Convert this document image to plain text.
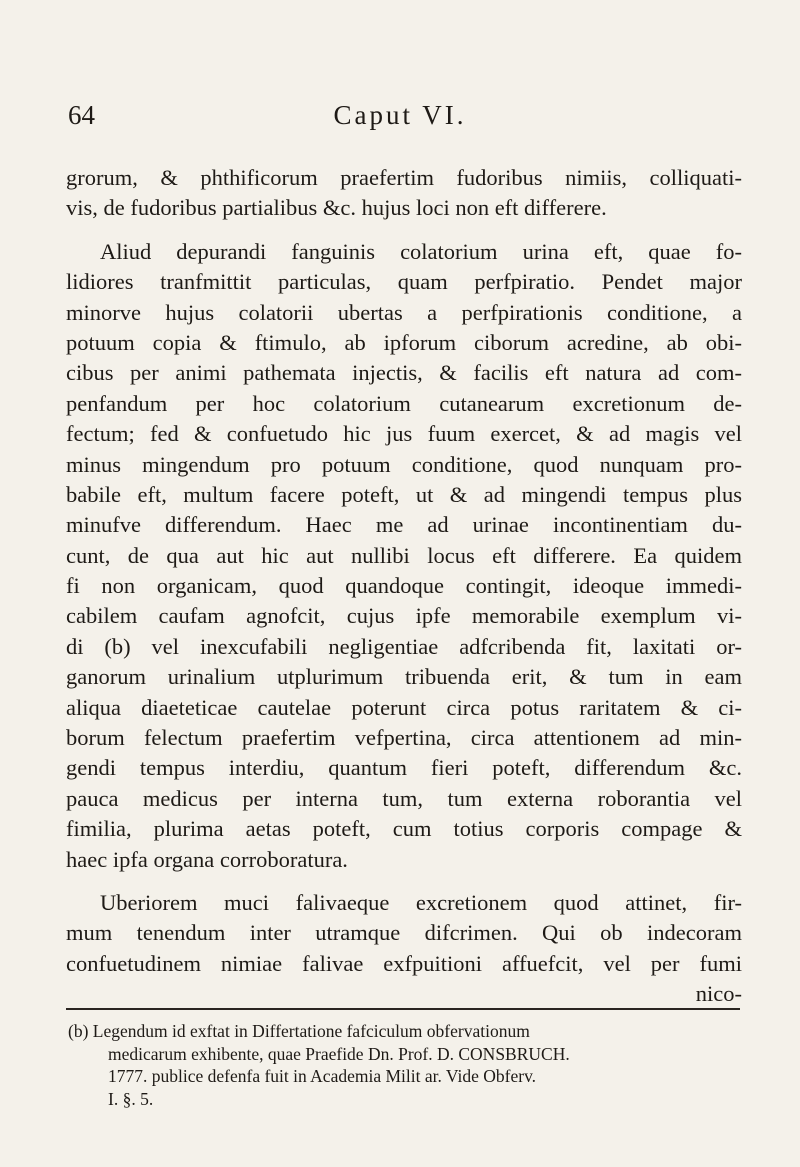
64	Caput VI.
grorum, & phthificorum praefertim fudoribus nimiis, colliquati-
vis, de fudoribus partialibus &c. hujus loci non eft differere.
Aliud depurandi fanguinis colatorium urina eft, quae fo-
lidiores tranfmittit particulas, quam perfpiratio. Pendet major
minorve hujus colatorii ubertas a perfpirationis conditione, a
potuum copia & ftimulo, ab ipforum ciborum acredine, ab obi-
cibus per animi pathemata injectis, & facilis eft natura ad com-
penfandum per hoc colatorium cutanearum excretionum de-
fectum; fed & confuetudo hic jus fuum exercet, & ad magis vel
minus mingendum pro potuum conditione, quod nunquam pro-
babile eft, multum facere poteft, ut & ad mingendi tempus plus
minufve differendum. Haec me ad urinae incontinentiam du-
cunt, de qua aut hic aut nullibi locus eft differere. Ea quidem
fi non organicam, quod quandoque contingit, ideoque immedi-
cabilem caufam agnofcit, cujus ipfe memorabile exemplum vi-
di (b) vel inexcufabili negligentiae adfcribenda fit, laxitati or-
ganorum urinalium utplurimum tribuenda erit, & tum in eam
aliqua diaeteticae cautelae poterunt circa potus raritatem & ci-
borum felectum praefertim vefpertina, circa attentionem ad min-
gendi tempus interdiu, quantum fieri poteft, differendum &c.
pauca medicus per interna tum, tum externa roborantia vel
fimilia, plurima aetas poteft, cum totius corporis compage &
haec ipfa organa corroboratura.
Uberiorem muci falivaeque excretionem quod attinet, fir-
mum tenendum inter utramque difcrimen. Qui ob indecoram
confuetudinem nimiae falivae exfpuitioni affuefcit, vel per fumi
nico-
(b) Legendum id exftat in Differtatione fafciculum obfervationum
medicarum exhibente, quae Praefide Dn. Prof. D. CONSBRUCH.
1777. publice defenfa fuit in Academia Milit ar. Vide Obferv.
I. §. 5.
